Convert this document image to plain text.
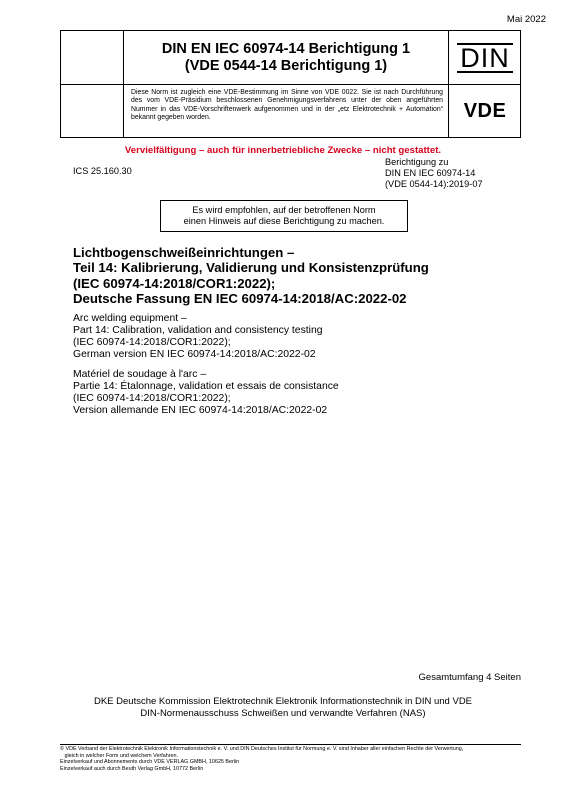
Mai 2022
DIN EN IEC 60974-14 Berichtigung 1
(VDE 0544-14 Berichtigung 1)	DIN
Diese Norm ist zugleich eine VDE-Bestimmung im Sinne von VDE 0022. Sie ist nach Durchführung des vom VDE-Präsidium beschlossenen Genehmigungsverfahrens unter der oben angeführten Nummer in das VDE-Vorschriftenwerk aufgenommen und in der „etz Elektrotechnik + Automation“ bekannt gegeben worden.	VDE
Vervielfältigung – auch für innerbetriebliche Zwecke – nicht gestattet.
ICS 25.160.30
Berichtigung zu
DIN EN IEC 60974-14
(VDE 0544-14):2019-07
Es wird empfohlen, auf der betroffenen Norm
einen Hinweis auf diese Berichtigung zu machen.
Lichtbogenschweißeinrichtungen –
Teil 14: Kalibrierung, Validierung und Konsistenzprüfung
(IEC 60974-14:2018/COR1:2022);
Deutsche Fassung EN IEC 60974-14:2018/AC:2022-02
Arc welding equipment –
Part 14: Calibration, validation and consistency testing
(IEC 60974-14:2018/COR1:2022);
German version EN IEC 60974-14:2018/AC:2022-02
Matériel de soudage à l'arc –
Partie 14: Étalonnage, validation et essais de consistance
(IEC 60974-14:2018/COR1:2022);
Version allemande EN IEC 60974-14:2018/AC:2022-02
Gesamtumfang 4 Seiten
DKE Deutsche Kommission Elektrotechnik Elektronik Informationstechnik in DIN und VDE
DIN-Normenausschuss Schweißen und verwandte Verfahren (NAS)
© VDE Verband der Elektrotechnik Elektronik Informationstechnik e. V. und DIN Deutsches Institut für Normung e. V. sind Inhaber aller einfachen Rechte der Verwertung,
gleich in welcher Form und welchem Verfahren.
Einzelverkauf und Abonnements durch VDE VERLAG GMBH, 10625 Berlin
Einzelverkauf auch durch Beuth Verlag GmbH, 10772 Berlin
